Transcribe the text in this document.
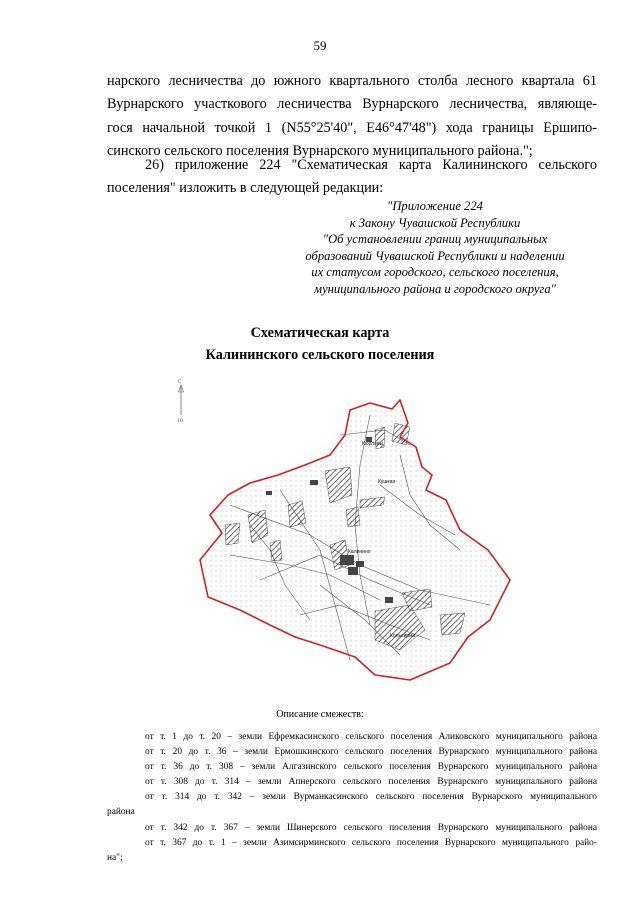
59
нарского лесничества до южного квартального столба лесного квартала 61
Вурнарского участкового лесничества Вурнарского лесничества, являюще-
гося начальной точкой 1 (N55°25'40", E46°47'48") хода границы Ершипо-
синского сельского поселения Вурнарского муниципального района.";
26) приложение 224 "Схематическая карта Калининского сельского
поселения" изложить в следующей редакции:
"Приложение 224
к Закону Чувашской Республики
"Об установлении границ муниципальных
образований Чувашской Республики и наделении
их статусом городского, сельского поселения,
муниципального района и городского округа"
Схематическая карта
Калининского сельского поселения
С
Ю
Кюрлевы
Кушкан
Калинино
Кольсирма
Описание смежеств:
от т. 1 до т. 20 – земли Ефремкасинского сельского поселения Аликовского муниципального района
от т. 20 до т. 36 – земли Ермошкинского сельского поселения Вурнарского муниципального района
от т. 36 до т. 308 – земли Алгазинского сельского поселения Вурнарского муниципального района
от т. 308 до т. 314 – земли Апнерского сельского поселения Вурнарского муниципального района
от т. 314 до т. 342 – земли Вурманкасинского сельского поселения Вурнарского муниципального
района
от т. 342 до т. 367 – земли Шинерского сельского поселения Вурнарского муниципального района
от т. 367 до т. 1 – земли Азимсирминского сельского поселения Вурнарского муниципального райо-
на";
